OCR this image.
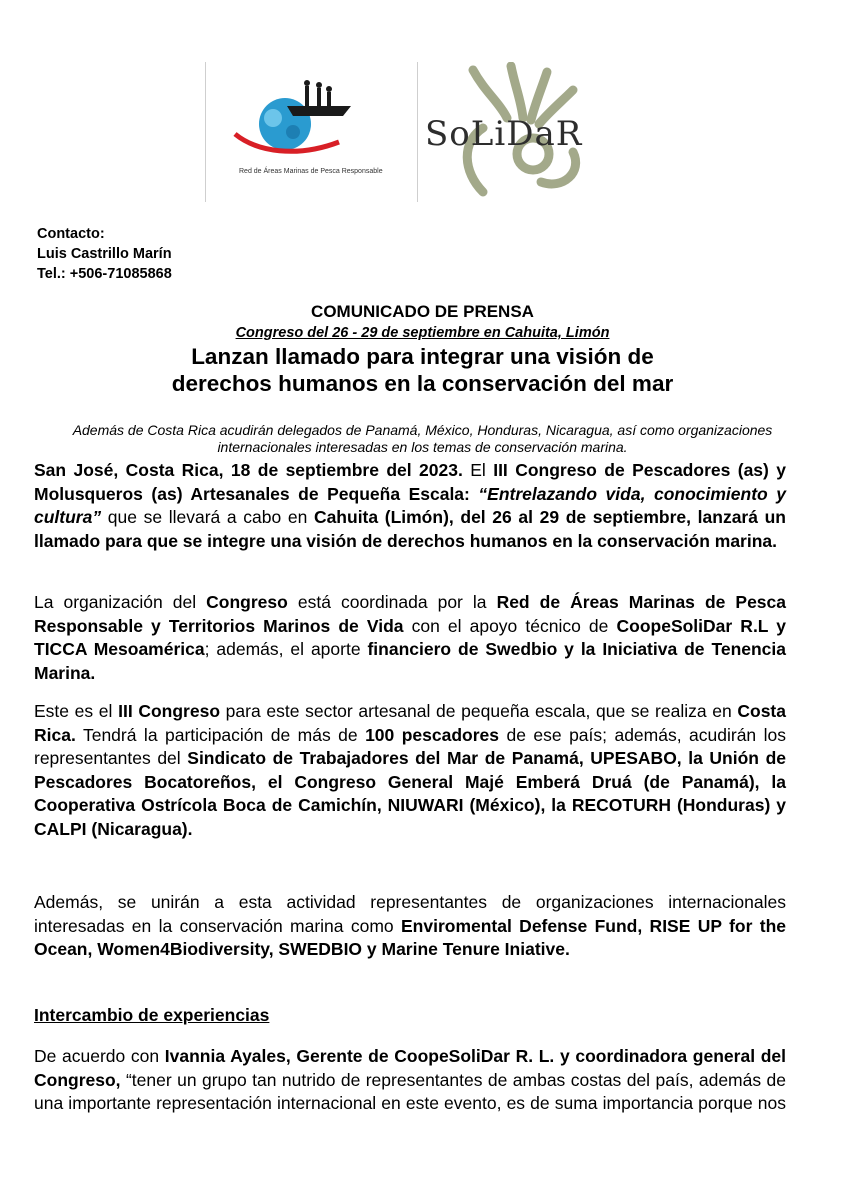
Red de Áreas Marinas de Pesca Responsable
SoLiDaR
Contacto:
Luis Castrillo Marín
Tel.: +506-71085868
COMUNICADO DE PRENSA
Congreso del 26 - 29 de septiembre en Cahuita, Limón
Lanzan llamado para integrar una visión de
derechos humanos en la conservación del mar
Además de Costa Rica acudirán delegados de Panamá, México, Honduras, Nicaragua, así como organizaciones internacionales interesadas en los temas de conservación marina.
San José, Costa Rica, 18 de septiembre del 2023. El III Congreso de Pescadores (as) y Molusqueros (as) Artesanales de Pequeña Escala: “Entrelazando vida, conocimiento y cultura” que se llevará a cabo en Cahuita (Limón), del 26 al 29 de septiembre, lanzará un llamado para que se integre una visión de derechos humanos en la conservación marina.
La organización del Congreso está coordinada por la Red de Áreas Marinas de Pesca Responsable y Territorios Marinos de Vida con el apoyo técnico de CoopeSoliDar R.L y TICCA Mesoamérica; además, el aporte financiero de Swedbio y la Iniciativa de Tenencia Marina.
Este es el III Congreso para este sector artesanal de pequeña escala, que se realiza en Costa Rica. Tendrá la participación de más de 100 pescadores de ese país; además, acudirán los representantes del Sindicato de Trabajadores del Mar de Panamá, UPESABO, la Unión de Pescadores Bocatoreños, el Congreso General Majé Emberá Druá (de Panamá), la Cooperativa Ostrícola Boca de Camichín, NIUWARI (México), la RECOTURH (Honduras) y CALPI (Nicaragua).
Además, se unirán a esta actividad representantes de organizaciones internacionales interesadas en la conservación marina como Enviromental Defense Fund, RISE UP for the Ocean, Women4Biodiversity, SWEDBIO y Marine Tenure Iniative.
Intercambio de experiencias
De acuerdo con Ivannia Ayales, Gerente de CoopeSoliDar R. L. y coordinadora general del Congreso, “tener un grupo tan nutrido de representantes de ambas costas del país, además de una importante representación internacional en este evento, es de suma importancia porque nos
